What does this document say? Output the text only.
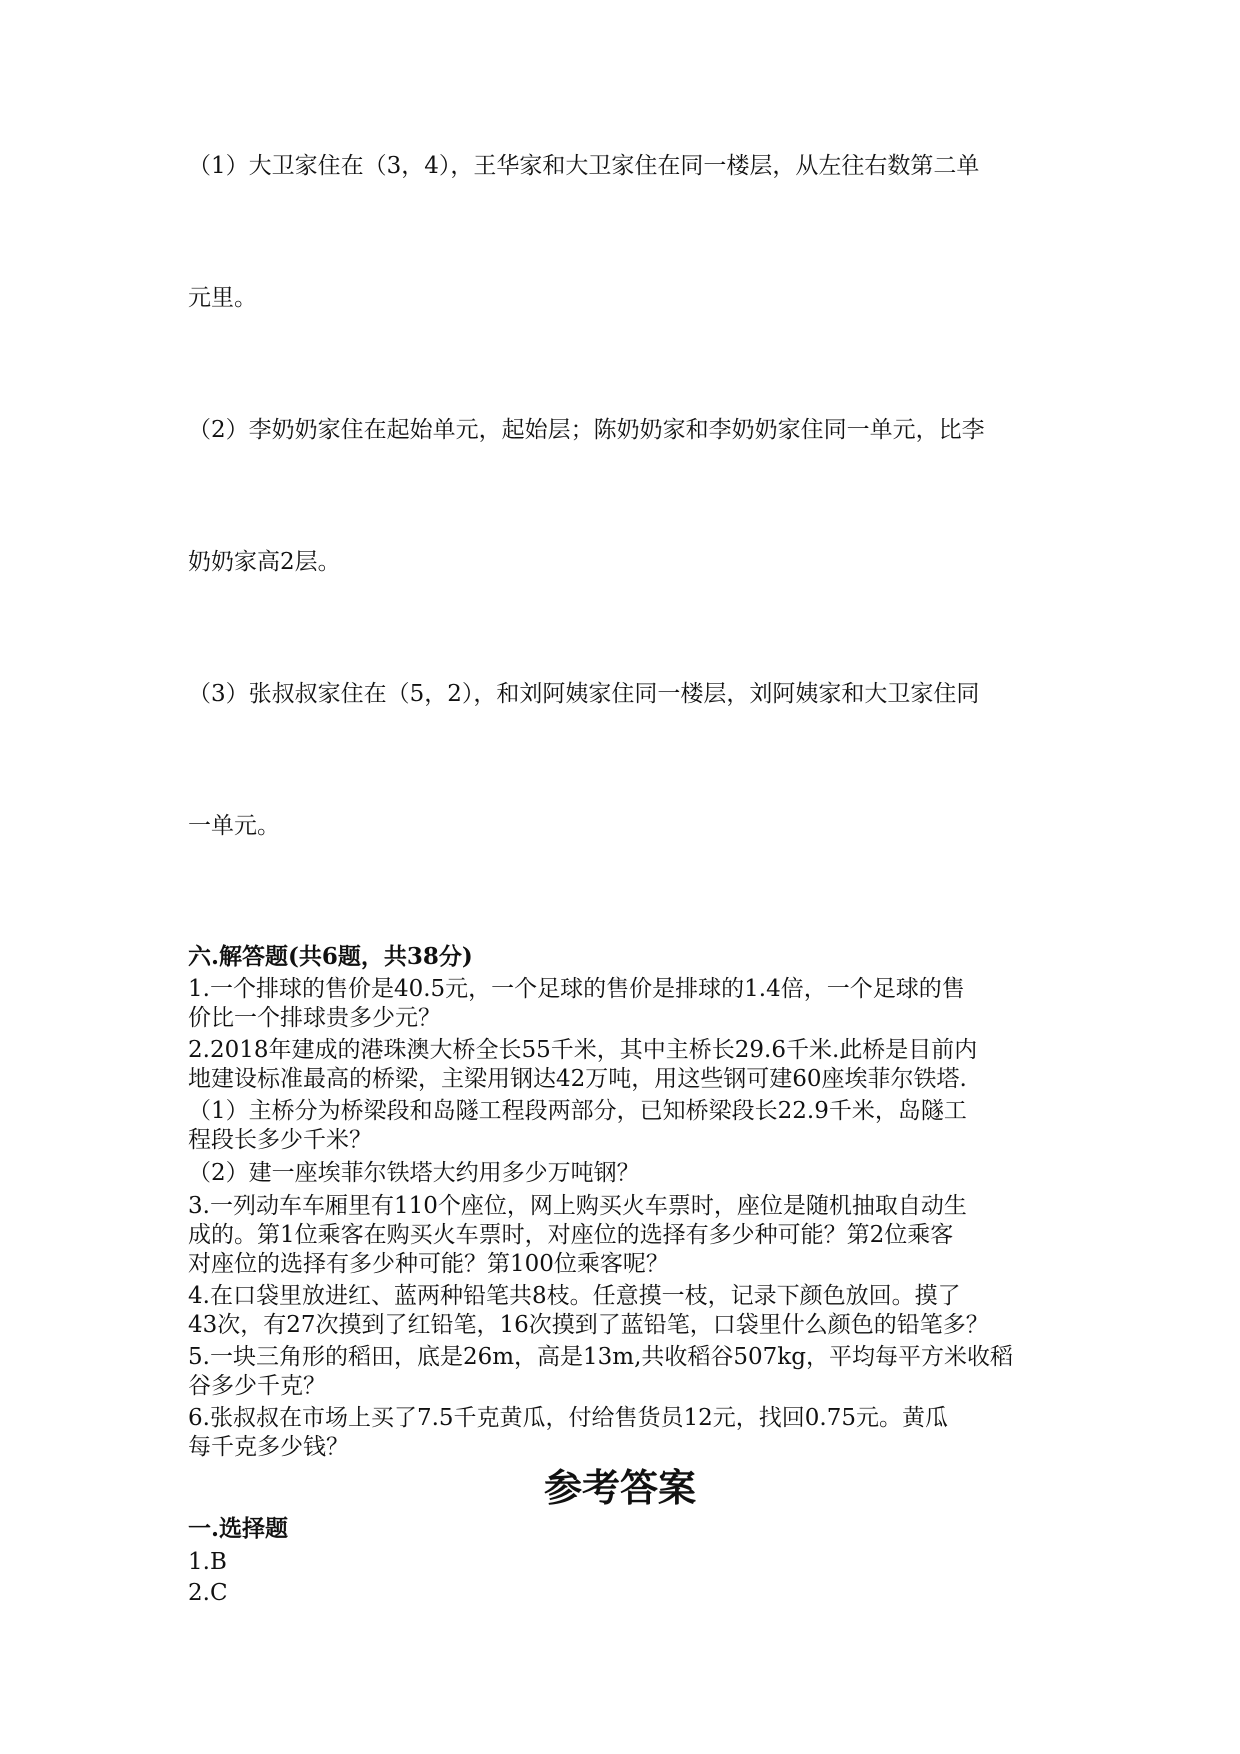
（1）大卫家住在（3，4），王华家和大卫家住在同一楼层，从左往右数第二单
元里。
（2）李奶奶家住在起始单元，起始层；陈奶奶家和李奶奶家住同一单元，比李
奶奶家高2层。
（3）张叔叔家住在（5，2），和刘阿姨家住同一楼层，刘阿姨家和大卫家住同
一单元。
六.解答题(共6题，共38分)
1.一个排球的售价是40.5元，一个足球的售价是排球的1.4倍，一个足球的售
价比一个排球贵多少元？
2.2018年建成的港珠澳大桥全长55千米，其中主桥长29.6千米.此桥是目前内
地建设标准最高的桥梁，主梁用钢达42万吨，用这些钢可建60座埃菲尔铁塔.
（1）主桥分为桥梁段和岛隧工程段两部分，已知桥梁段长22.9千米，岛隧工
程段长多少千米？
（2）建一座埃菲尔铁塔大约用多少万吨钢？
3.一列动车车厢里有110个座位，网上购买火车票时，座位是随机抽取自动生
成的。第1位乘客在购买火车票时，对座位的选择有多少种可能？第2位乘客
对座位的选择有多少种可能？第100位乘客呢？
4.在口袋里放进红、蓝两种铅笔共8枝。任意摸一枝，记录下颜色放回。摸了
43次，有27次摸到了红铅笔，16次摸到了蓝铅笔，口袋里什么颜色的铅笔多？
5.一块三角形的稻田，底是26m，高是13m,共收稻谷507kg，平均每平方米收稻
谷多少千克？
6.张叔叔在市场上买了7.5千克黄瓜，付给售货员12元，找回0.75元。黄瓜
每千克多少钱？
参考答案
一.选择题
1.B
2.C
